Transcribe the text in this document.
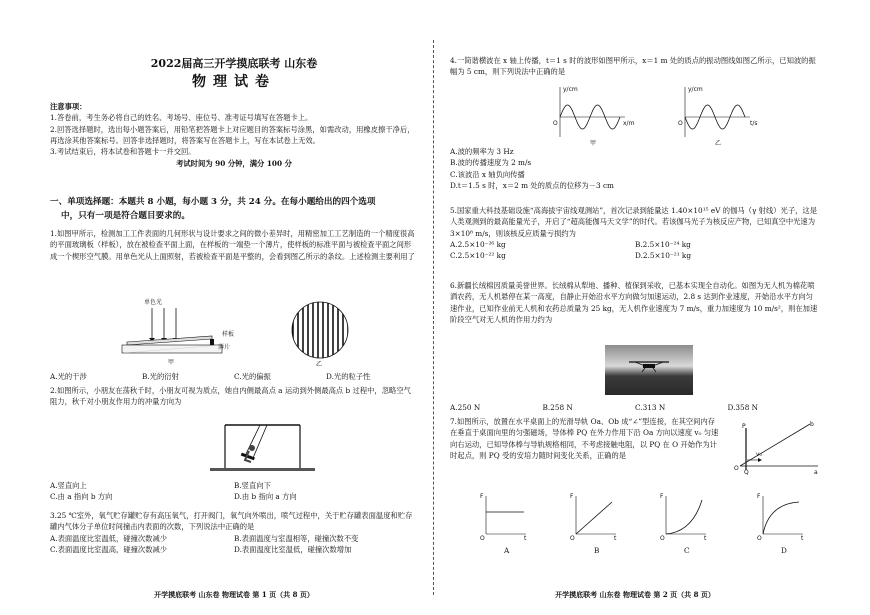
2022届高三开学摸底联考 山东卷
物理试卷
注意事项：
1.答卷前，考生务必将自己的姓名、考场号、座位号、准考证号填写在答题卡上。
2.回答选择题时，选出每小题答案后，用铅笔把答题卡上对应题目的答案标号涂黑，如需改动，用橡皮擦干净后，再选涂其他答案标号。回答非选择题时，将答案写在答题卡上，写在本试卷上无效。
3.考试结束后，将本试卷和答题卡一并交回。
考试时间为 90 分钟，满分 100 分
一、单项选择题：本题共 8 小题，每小题 3 分，共 24 分。在每小题给出的四个选项
中，只有一项是符合题目要求的。
1.如图甲所示，检测加工工件表面的几何形状与设计要求之间的微小差异时，用精密加工工艺制造的一个精度很高的平面玻璃板（样板），放在被检查平面上面，在样板的一端垫一个薄片，使样板的标准平面与被检查平面之间形成一个楔形空气膜。用单色光从上面照射，若被检查平面是平整的，会看到图乙所示的条纹。上述检测主要利用了
单色光
样板
薄片
甲	乙
A.光的干涉	B.光的衍射	C.光的偏振	D.光的粒子性
2.如图所示，小朋友在荡秋千时，小朋友可视为质点，她自内侧最高点 a 运动到外侧最高点 b 过程中，忽略空气阻力，秋千对小朋友作用力的冲量方向为
A.竖直向上	B.竖直向下
C.由 a 指向 b 方向	D.由 b 指向 a 方向
3.25 ℃室外，氧气贮存罐贮存有高压氧气，打开阀门，氧气向外喷出，喷气过程中，关于贮存罐表面温度和贮存罐内气体分子单位时间撞击内表面的次数，下列说法中正确的是
A.表面温度比室温低，碰撞次数减少	B.表面温度与室温相等，碰撞次数不变
C.表面温度比室温高，碰撞次数减少	D.表面温度比室温低，碰撞次数增加
开学摸底联考 山东卷 物理试卷 第 1 页（共 8 页）
4.一简谐横波在 x 轴上传播，t＝1 s 时的波形如图甲所示，x＝1 m 处的质点的振动图线如图乙所示，已知波的振幅为 5 cm，则下列说法中正确的是
y/cm
x/m
O
甲
y/cm
t/s
O
乙
A.波的频率为 3 Hz
B.波的传播速度为 2 m/s
C.该波沿 x 轴负向传播
D.t＝1.5 s 时，x＝2 m 处的质点的位移为－3 cm
5.国家重大科技基础设施“高海拔宇宙线观测站”，首次记录到能量达 1.40×10¹⁵ eV 的伽马（γ 射线）光子，这是人类观测到的最高能量光子，开启了“超高能伽马天文学”的时代。若该伽马光子为核反应产物，已知真空中光速为 3×10⁸ m/s，则该核反应质量亏损约为
A.2.5×10⁻²⁶ kg	B.2.5×10⁻²⁴ kg
C.2.5×10⁻²² kg	D.2.5×10⁻²¹ kg
6.新疆长绒棉因质量美誉世界。长绒棉从犁地、播种、植保到采收，已基本实现全自动化。如图为无人机为棉花喷洒农药，无人机悬停在某一高度，自静止开始沿水平方向做匀加速运动，2.8 s 达到作业速度，开始沿水平方向匀速作业，已知作业前无人机和农药总质量为 25 kg，无人机作业速度为 7 m/s，重力加速度为 10 m/s²，则在加速阶段空气对无人机的作用力约为
A.250 N	B.258 N	C.313 N	D.358 N
7.如图所示，放置在水平桌面上的光滑导轨 Oa、Ob 成“∠”型连接，在其空间内存在垂直于桌面向里的匀强磁场，导体棒 PQ 在外力作用下沿 Oa 方向以速度 v₀ 匀速向右运动，已知导体棒与导轨规格相同，不考虑接触电阻，以 PQ 在 O 开始作为计时起点，则 PQ 受的安培力随时间变化关系，正确的是
P
Q
O
a
b
v₀
F
t
O
F
t
O
F
t
O
F
t
O
A	B	C	D
开学摸底联考 山东卷 物理试卷 第 2 页（共 8 页）
